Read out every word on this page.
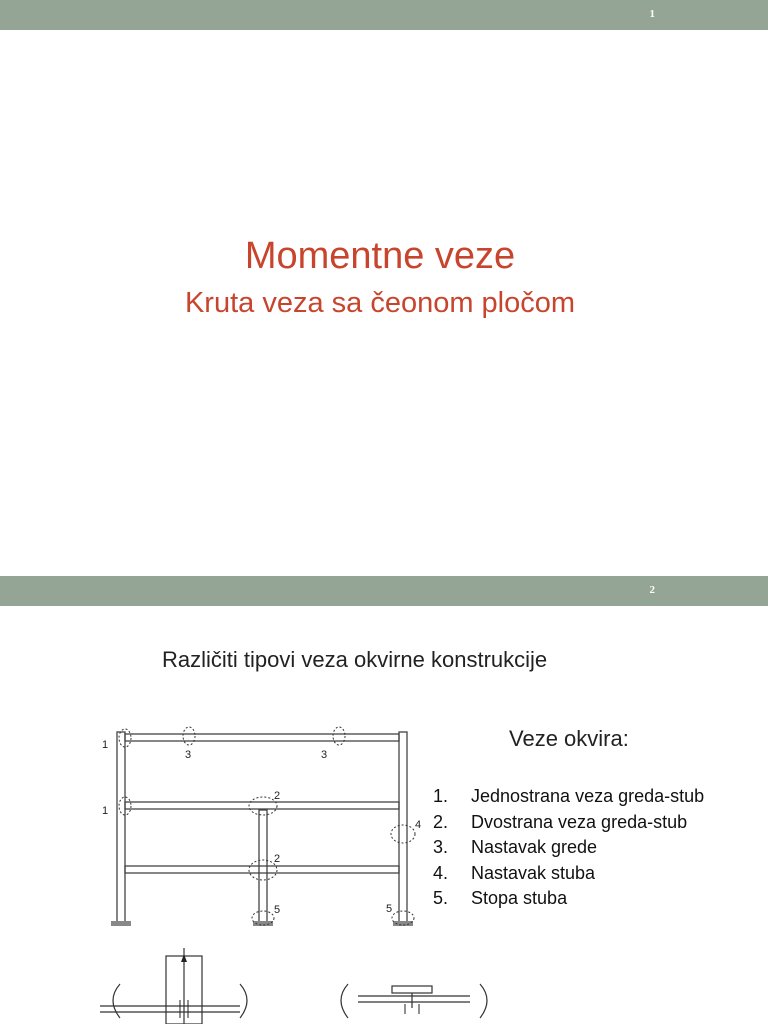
1
Momentne veze
Kruta veza sa čeonom pločom
2
Različiti tipovi veza okvirne konstrukcije
1
1
3	3
2
2
4
5	5
Veze okvira:
1. Jednostrana veza greda-stub
2. Dvostrana veza greda-stub
3. Nastavak grede
4. Nastavak stuba
5. Stopa stuba
